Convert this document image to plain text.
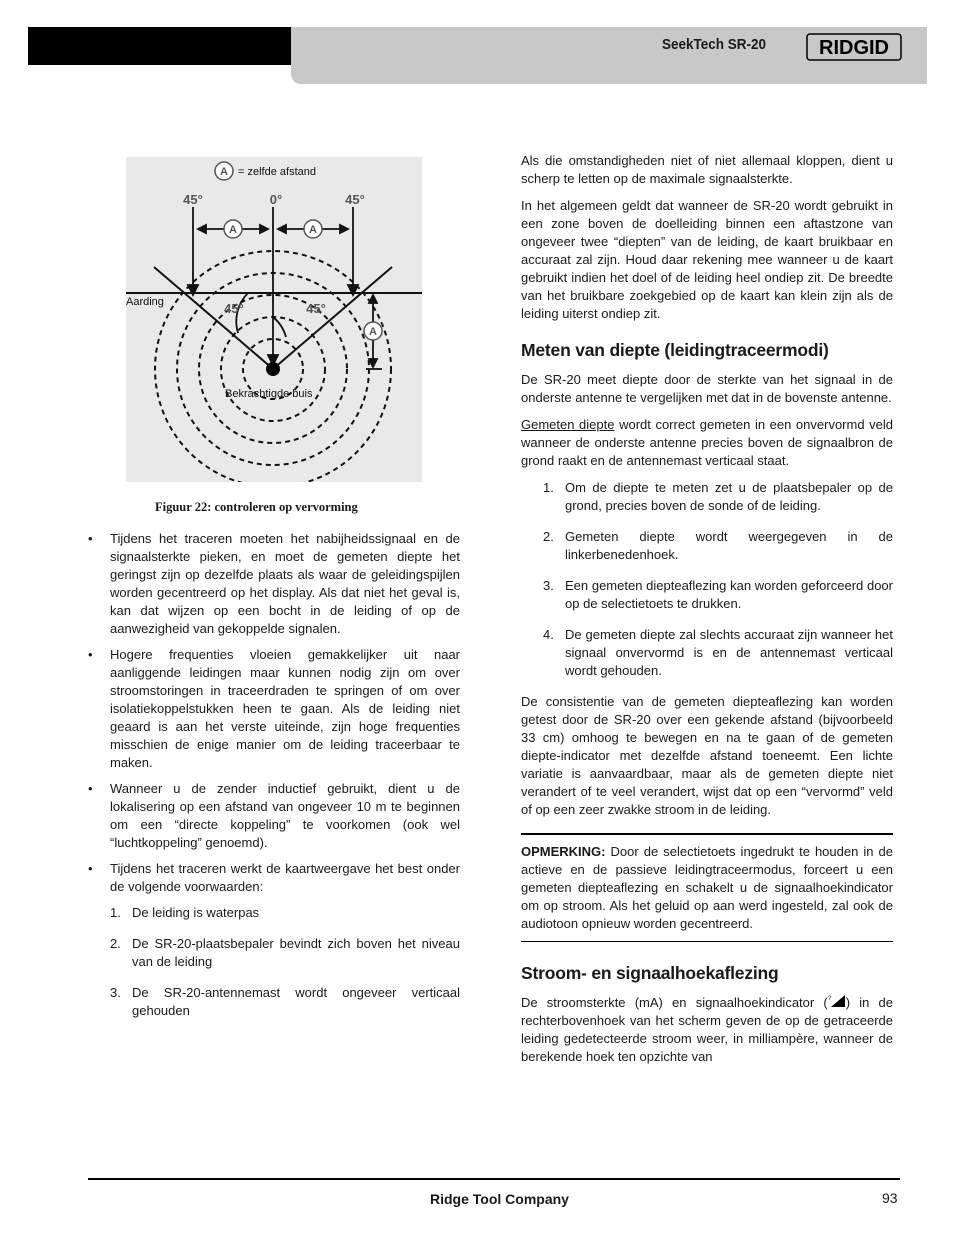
SeekTech SR-20	RIDGID
A
A	A
A
= zelfde afstand
45°	0°	45°
45°	45°
Aarding
Bekrachtigde buis
Figuur 22: controleren op vervorming
• Tijdens het traceren moeten het nabijheidssignaal en de signaalsterkte pieken, en moet de gemeten diepte het geringst zijn op dezelfde plaats als waar de geleidingspijlen worden gecentreerd op het display. Als dat niet het geval is, kan dat wijzen op een bocht in de leiding of op de aanwezigheid van gekoppelde signalen.
• Hogere frequenties vloeien gemakkelijker uit naar aanliggende leidingen maar kunnen nodig zijn om over stroomstoringen in traceerdraden te springen of om over isolatiekoppelstukken heen te gaan. Als de leiding niet geaard is aan het verste uiteinde, zijn hoge frequenties misschien de enige manier om de leiding traceerbaar te maken.
• Wanneer u de zender inductief gebruikt, dient u de lokalisering op een afstand van ongeveer 10 m te beginnen om een “directe koppeling” te voorkomen (ook wel “luchtkoppeling” genoemd).
• Tijdens het traceren werkt de kaartweergave het best onder de volgende voorwaarden:
1. De leiding is waterpas
2. De SR-20-plaatsbepaler bevindt zich boven het niveau van de leiding
3. De SR-20-antennemast wordt ongeveer verticaal gehouden

Als die omstandigheden niet of niet allemaal kloppen, dient u scherp te letten op de maximale signaalsterkte.

In het algemeen geldt dat wanneer de SR-20 wordt gebruikt in een zone boven de doelleiding binnen een aftastzone van ongeveer twee “diepten” van de leiding, de kaart bruikbaar en accuraat zal zijn. Houd daar rekening mee wanneer u de kaart gebruikt indien het doel of de leiding heel ondiep zit. De breedte van het bruikbare zoekgebied op de kaart kan klein zijn als de leiding uiterst ondiep zit.

Meten van diepte (leidingtraceermodi)

De SR-20 meet diepte door de sterkte van het signaal in de onderste antenne te vergelijken met dat in de bovenste antenne.

Gemeten diepte wordt correct gemeten in een onvervormd veld wanneer de onderste antenne precies boven de signaalbron de grond raakt en de antennemast verticaal staat.

1. Om de diepte te meten zet u de plaatsbepaler op de grond, precies boven de sonde of de leiding.
2. Gemeten diepte wordt weergegeven in de linkerbenedenhoek.
3. Een gemeten diepteaflezing kan worden geforceerd door op de selectietoets te drukken.
4. De gemeten diepte zal slechts accuraat zijn wanneer het signaal onvervormd is en de antennemast verticaal wordt gehouden.

De consistentie van de gemeten diepteaflezing kan worden getest door de SR-20 over een gekende afstand (bijvoorbeeld 33 cm) omhoog te bewegen en na te gaan of de gemeten diepte-indicator met dezelfde afstand toeneemt. Een lichte variatie is aanvaardbaar, maar als de gemeten diepte niet verandert of te veel verandert, wijst dat op een “vervormd” veld of op een zeer zwakke stroom in de leiding.

OPMERKING: Door de selectietoets ingedrukt te houden in de actieve en de passieve leidingtraceermodus, forceert u een gemeten diepteaflezing en schakelt u de signaalhoekindicator om op stroom. Als het geluid op aan werd ingesteld, zal ook de audiotoon opnieuw worden gecentreerd.

Stroom- en signaalhoekaflezing

De stroomsterkte (mA) en signaalhoekindicator ( ? ) in de rechterbovenhoek van het scherm geven de op de getraceerde leiding gedetecteerde stroom weer, in milliampère, wanneer de berekende hoek ten opzichte van

Ridge Tool Company	93
